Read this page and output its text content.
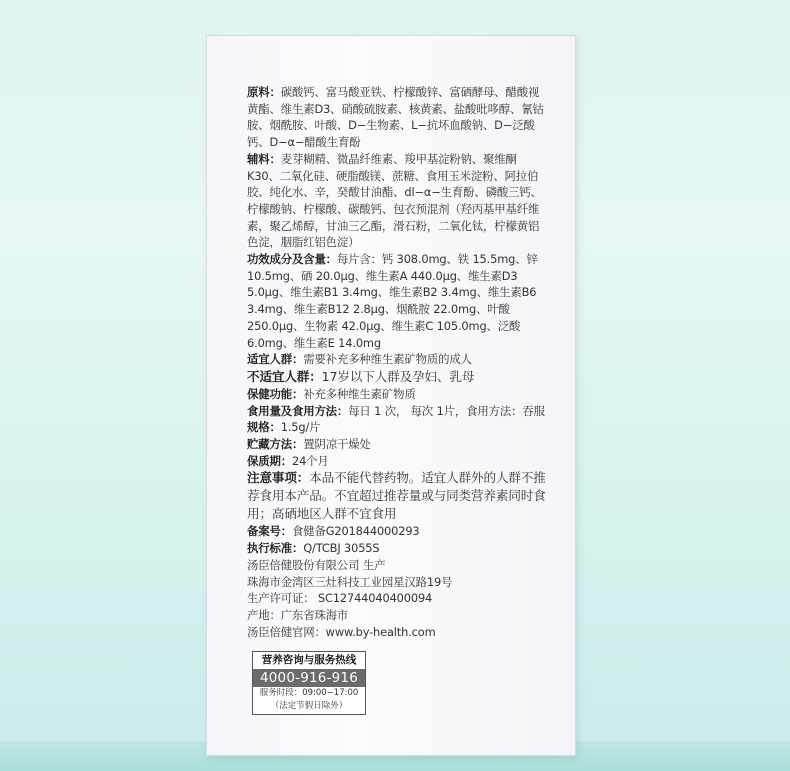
原料：碳酸钙、富马酸亚铁、柠檬酸锌、富硒酵母、醋酸视黄酯、维生素D3、硝酸硫胺素、核黄素、盐酸吡哆醇、氰钴胺、烟酰胺、叶酸、D−生物素、L−抗坏血酸钠、D−泛酸钙、D−α−醋酸生育酚

辅料：麦芽糊精、微晶纤维素、羧甲基淀粉钠、聚维酮K30、二氧化硅、硬脂酸镁、蔗糖、食用玉米淀粉、阿拉伯胶、纯化水、辛，癸酸甘油酯、dl−α−生育酚、磷酸三钙、柠檬酸钠、柠檬酸、碳酸钙、包衣预混剂（羟丙基甲基纤维素，聚乙烯醇，甘油三乙酯，滑石粉，二氧化钛，柠檬黄铝色淀，胭脂红铝色淀）

功效成分及含量：每片含：钙 308.0mg、铁 15.5mg、锌 10.5mg、硒 20.0μg、维生素A 440.0μg、维生素D3 5.0μg、维生素B1 3.4mg、维生素B2 3.4mg、维生素B6 3.4mg、维生素B12 2.8μg、烟酰胺 22.0mg、叶酸 250.0μg、生物素 42.0μg、维生素C 105.0mg、泛酸 6.0mg、维生素E 14.0mg

适宜人群：需要补充多种维生素矿物质的成人

不适宜人群：17岁以下人群及孕妇、乳母

保健功能：补充多种维生素矿物质

食用量及食用方法：每日 1 次， 每次 1片，食用方法：吞服

规格：1.5g/片

贮藏方法：置阴凉干燥处

保质期：24个月

注意事项：本品不能代替药物。适宜人群外的人群不推荐食用本产品。不宜超过推荐量或与同类营养素同时食用；高硒地区人群不宜食用

备案号：食健备G201844000293

执行标准：Q/TCBJ 3055S

汤臣倍健股份有限公司 生产

珠海市金湾区三灶科技工业园星汉路19号

生产许可证： SC12744040400094

产地：广东省珠海市

汤臣倍健官网：www.by-health.com

营养咨询与服务热线
4000-916-916
服务时段：09:00−17:00
（法定节假日除外）
